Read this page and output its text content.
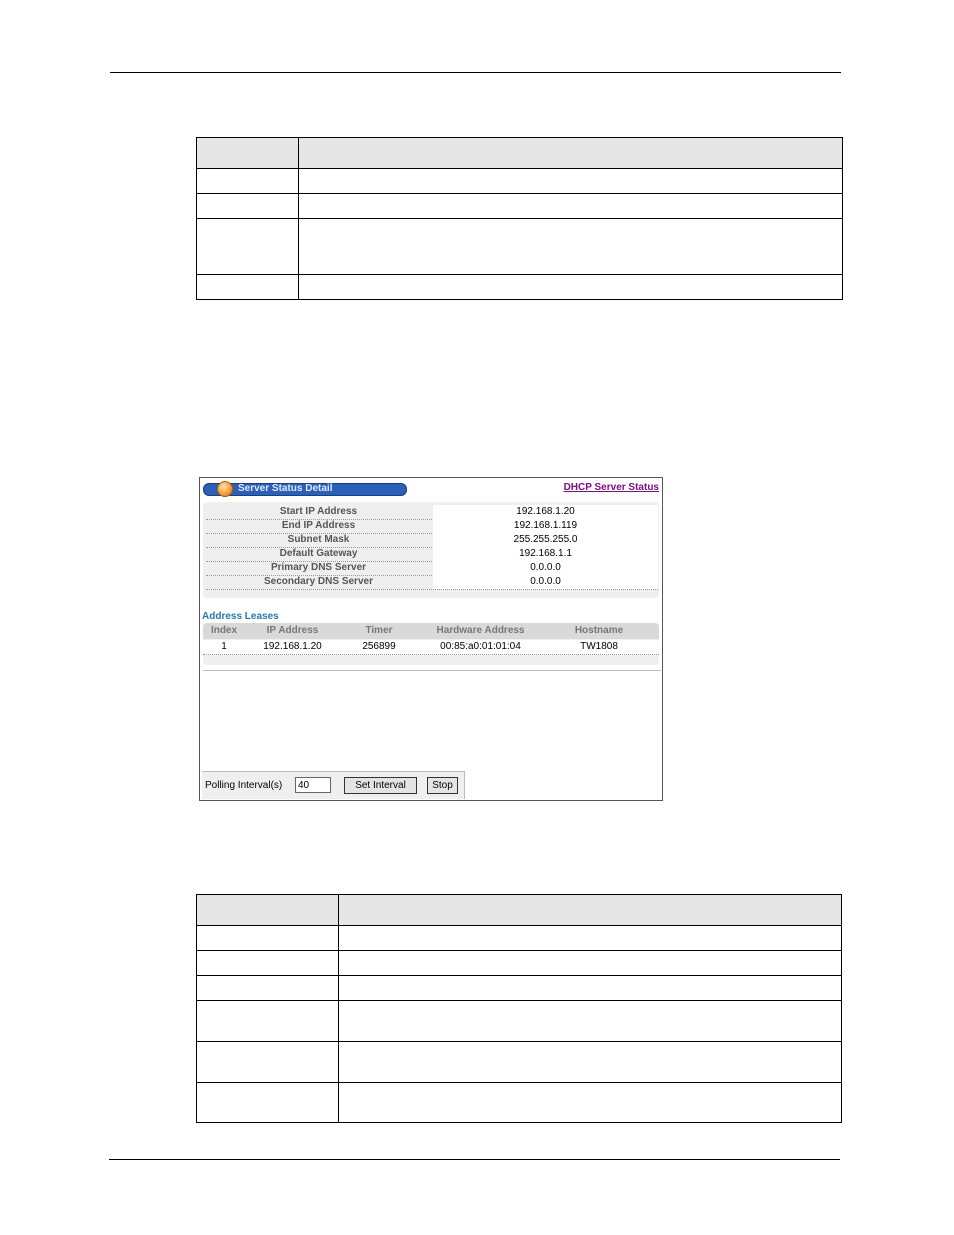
Server Status Detail	DHCP Server Status
Start IP Address	192.168.1.20
End IP Address	192.168.1.119
Subnet Mask	255.255.255.0
Default Gateway	192.168.1.1
Primary DNS Server	0.0.0.0
Secondary DNS Server	0.0.0.0
Address Leases
Index	IP Address	Timer	Hardware Address	Hostname
1	192.168.1.20	256899	00:85:a0:01:01:04	TW1808
Polling Interval(s)
40	Set Interval	Stop
